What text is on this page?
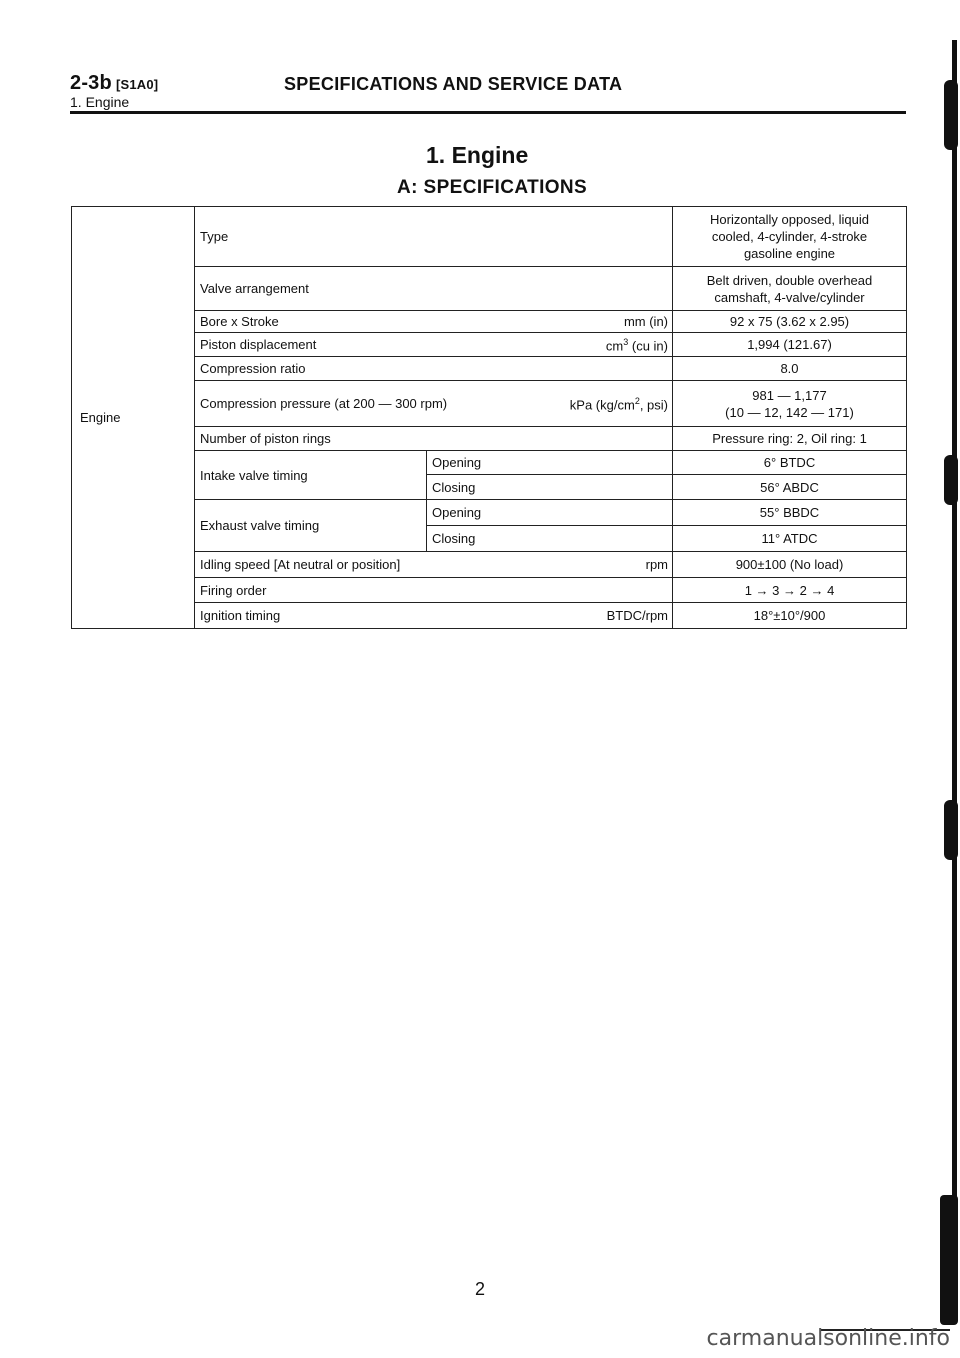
2-3b [S1A0]
1. Engine
SPECIFICATIONS AND SERVICE DATA
1. Engine
A: SPECIFICATIONS
Engine	Type		Horizontally opposed, liquid
cooled, 4-cylinder, 4-stroke
gasoline engine

	Valve arrangement		Belt driven, double overhead
camshaft, 4-valve/cylinder

	Bore x Stroke	mm (in)	92 x 75 (3.62 x 2.95)
	Piston displacement	$cm^3$ (cu in)	1,994 (121.67)
	Compression ratio		8.0
	Compression pressure (at 200 — 300 rpm)	kPa ($kg/cm^2$, psi)	981 — 1,177
(10 — 12, 142 — 171)

	Number of piston rings		Pressure ring: 2, Oil ring: 1
	Intake valve timing	Opening	6° BTDC
		Closing	56° ABDC
	Exhaust valve timing	Opening	55° BBDC
		Closing	11° ATDC
	Idling speed [At neutral or position]	rpm	900±100 (No load)
	Firing order		1 → 3 → 2 → 4
	Ignition timing	BTDC/rpm	18°±10°/900
2
carmanualsonline.info
